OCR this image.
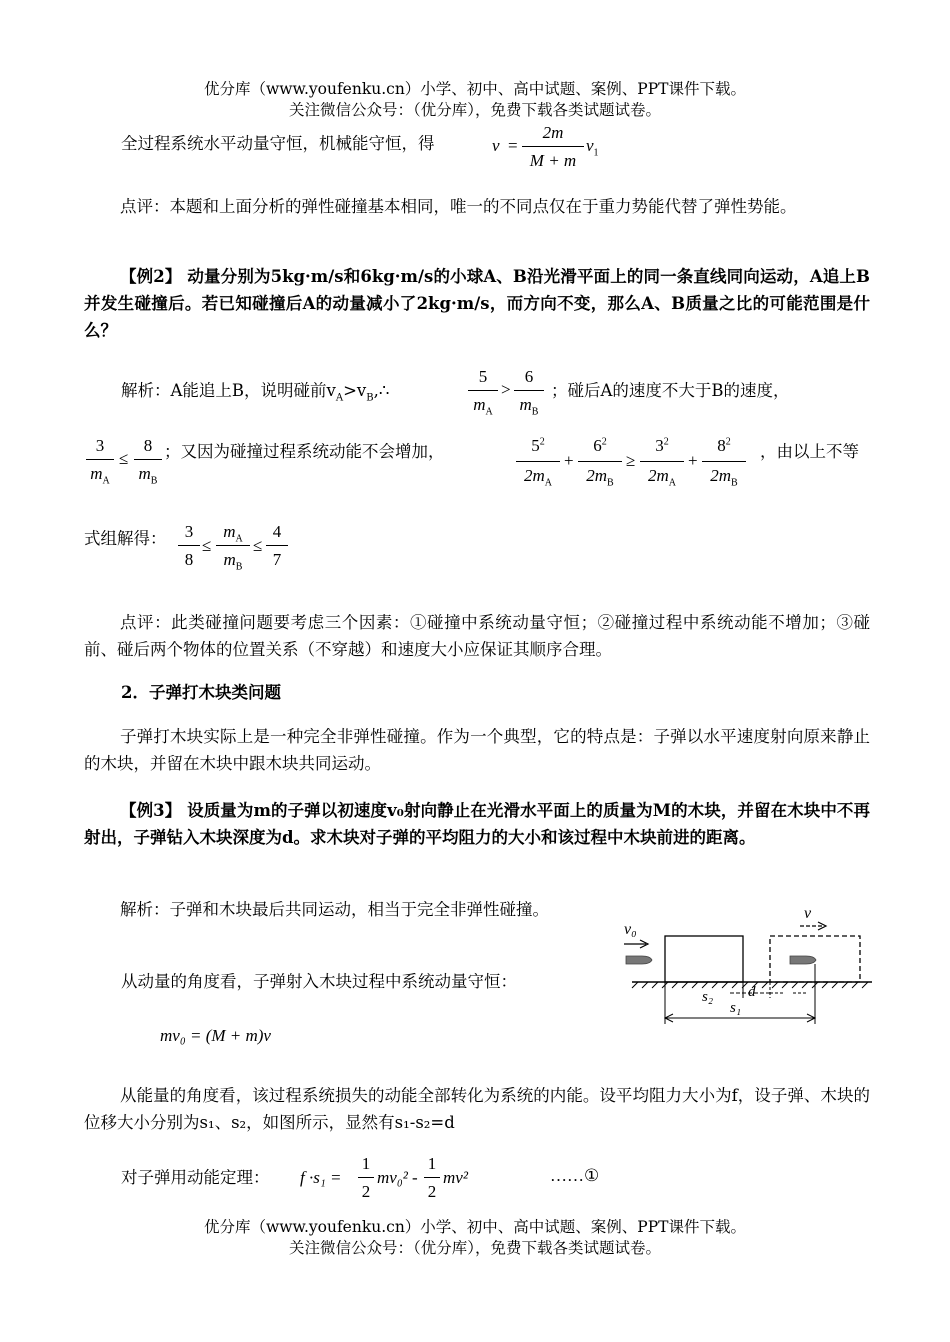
优分库（www.youfenku.cn）小学、初中、高中试题、案例、PPT课件下载。
关注微信公众号：（优分库），免费下载各类试题试卷。
全过程系统水平动量守恒，机械能守恒，得	v =
2m
M + m
$v_1$
点评：本题和上面分析的弹性碰撞基本相同，唯一的不同点仅在于重力势能代替了弹性势能。
【例2】 动量分别为5kg·m/s和6kg·m/s的小球A、B沿光滑平面上的同一条直线同向运动，A追上B并发生碰撞后。若已知碰撞后A的动量减小了2kg·m/s，而方向不变，那么A、B质量之比的可能范围是什么？
解析：A能追上B，说明碰前$v_A>v_B,\therefore$
5
$m_A$
>
6
$m_B$
；碰后A的速度不大于B的速度，
3
$m_A$
≤
8
$m_B$
；又因为碰撞过程系统动能不会增加，	$5^2$
$2m_A$
+
$6^2$
$2m_B$
≥
$3^2$
$2m_A$
+
$8^2$
$2m_B$
，由以上不等
式组解得：	3
8
≤
$m_A$
$m_B$
≤
4
7
点评：此类碰撞问题要考虑三个因素：①碰撞中系统动量守恒；②碰撞过程中系统动能不增加；③碰前、碰后两个物体的位置关系（不穿越）和速度大小应保证其顺序合理。
2．子弹打木块类问题
子弹打木块实际上是一种完全非弹性碰撞。作为一个典型，它的特点是：子弹以水平速度射向原来静止的木块，并留在木块中跟木块共同运动。
【例3】 设质量为m的子弹以初速度v₀射向静止在光滑水平面上的质量为M的木块，并留在木块中不再射出，子弹钻入木块深度为d。求木块对子弹的平均阻力的大小和该过程中木块前进的距离。
解析：子弹和木块最后共同运动，相当于完全非弹性碰撞。
从动量的角度看，子弹射入木块过程中系统动量守恒：
mv₀ = (M + m)v
从能量的角度看，该过程系统损失的动能全部转化为系统的内能。设平均阻力大小为f，设子弹、木块的位移大小分别为s₁、s₂，如图所示，显然有s₁-s₂=d
对子弹用动能定理： f ·s₁ =
1
2
mv₀² -
1
2
mv²	……①
v₀
v
s₂ d
s₁
优分库（www.youfenku.cn）小学、初中、高中试题、案例、PPT课件下载。
关注微信公众号：（优分库），免费下载各类试题试卷。
